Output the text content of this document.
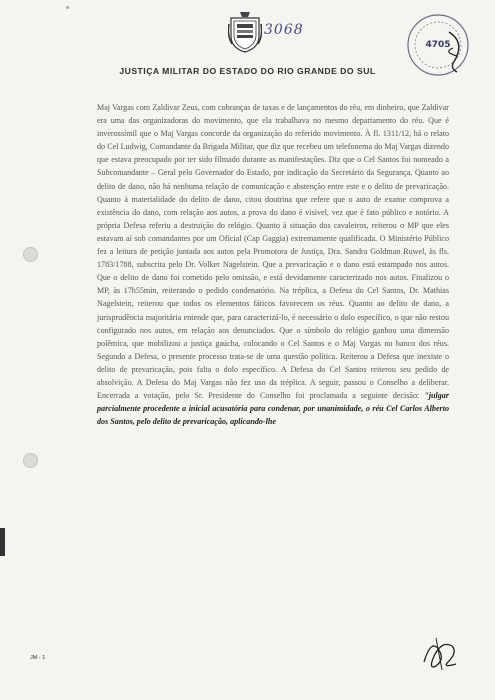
3068
4705
JUSTIÇA MILITAR DO ESTADO DO RIO GRANDE DO SUL

Maj Vargas com Zaldivar Zeus, com cobranças de taxas e de lançamentos do réu, em dinheiro, que Zaldivar era uma das organizadoras do movimento, que ela trabalhava no mesmo departamento do réu. Que é inverossímil que o Maj Vargas concorde da organização do referido movimento. À fl. 1311/12, há o relato do Cel Ludwig, Comandante da Brigada Militar, que diz que recebeu um telefonema do Maj Vargas dizendo que estava preocupado por ter sido filmado durante as manifestações. Diz que o Cel Santos foi nomeado a Subcomandante – Geral pelo Governador do Estado, por indicação do Secretário da Segurança. Quanto ao delito de dano, não há nenhuma relação de comunicação e abstenção entre este e o delito de prevaricação. Quanto à materialidade do delito de dano, citou doutrina que refere que o auto de exame comprova a existência do dano, com relação aos autos, a prova do dano é visível, vez que é fato público e notório. A própria Defesa referiu a destruição do relógio. Quanto à situação dos cavaleiros, reiterou o MP que eles estavam aí sob comandantes por um Oficial (Cap Gaggia) extremamente qualificada. O Ministério Público fez a leitura de petição juntada aos autos pela Promotora de Justiça, Dra. Sandra Goldman Ruwel, às fls. 1783/1788, subscrita pelo Dr. Volker Nagelstein. Que a prevaricação e o dano está estampado nos autos. Que o delito de dano foi cometido pelo omissão, e está devidamente caracterizado nos autos. Finalizou o MP, às 17h55min, reiterando o pedido condenatório. Na tréplica, a Defesa do Cel Santos, Dr. Mathias Nagelstein, reiterou que todos os elementos fáticos favorecem os réus. Quanto ao delito de dano, a jurisprudência majoritária entende que, para caracterizá-lo, é necessário o dolo específico, o que não restou configurado nos autos, em relação aos denunciados. Que o símbolo do relógio ganhou uma dimensão polêmica, que mobilizou a justiça gaúcha, colocando o Cel Santos e o Maj Vargas no banco dos réus. Segundo a Defesa, o presente processo trata-se de uma questão política. Reiterou a Defesa que inexiste o delito de prevaricação, pois falta o dolo específico. A Defesa do Cel Santos reiterou seu pedido de absolvição. A Defesa do Maj Vargas não fez uso da tréplica. A seguir, passou o Conselho a deliberar. Encerrada a votação, pelo Sr. Presidente do Conselho foi proclamada a seguinte decisão: "julgar parcialmente procedente a inicial acusatória para condenar, por unanimidade, o réu Cel Carlos Alberto dos Santos, pelo delito de prevaricação, aplicando-lhe

JM - 1
